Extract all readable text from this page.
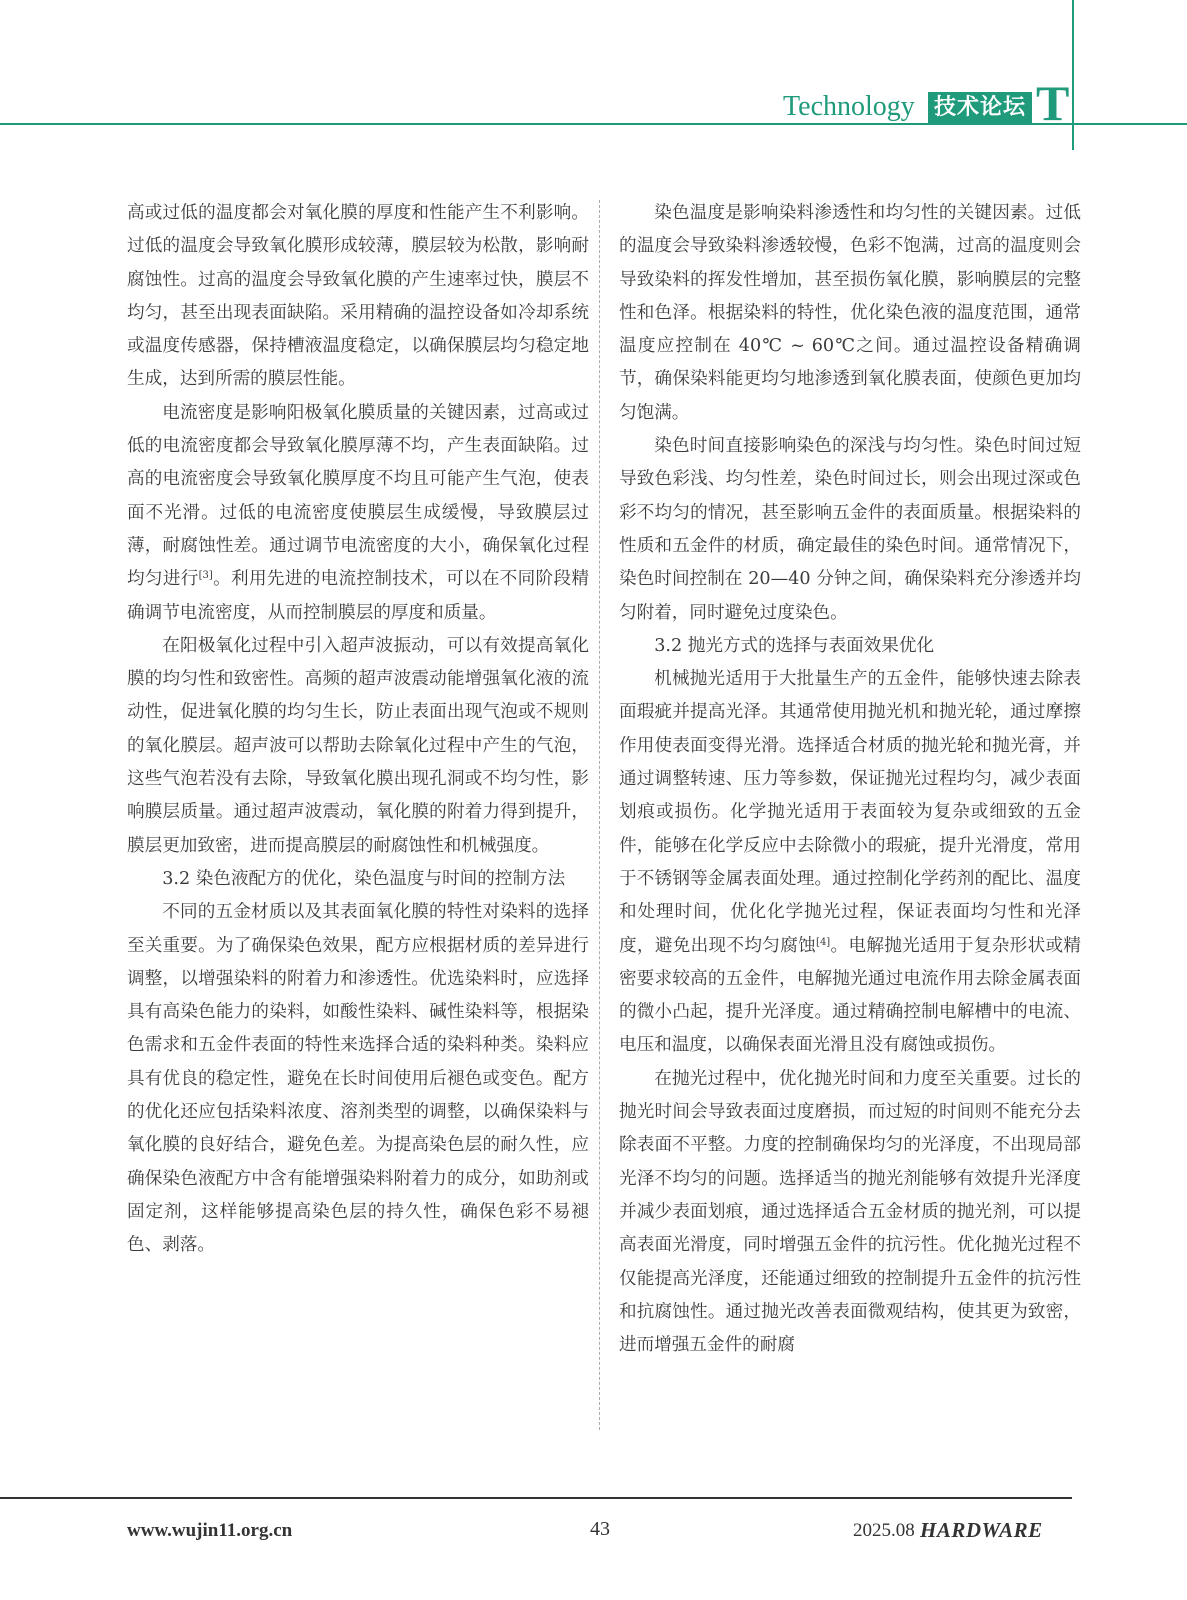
Technology 技术论坛 T

高或过低的温度都会对氧化膜的厚度和性能产生不利影响。过低的温度会导致氧化膜形成较薄，膜层较为松散，影响耐腐蚀性。过高的温度会导致氧化膜的产生速率过快，膜层不均匀，甚至出现表面缺陷。采用精确的温控设备如冷却系统或温度传感器，保持槽液温度稳定，以确保膜层均匀稳定地生成，达到所需的膜层性能。

电流密度是影响阳极氧化膜质量的关键因素，过高或过低的电流密度都会导致氧化膜厚薄不均，产生表面缺陷。过高的电流密度会导致氧化膜厚度不均且可能产生气泡，使表面不光滑。过低的电流密度使膜层生成缓慢，导致膜层过薄，耐腐蚀性差。通过调节电流密度的大小，确保氧化过程均匀进行[3]。利用先进的电流控制技术，可以在不同阶段精确调节电流密度，从而控制膜层的厚度和质量。

在阳极氧化过程中引入超声波振动，可以有效提高氧化膜的均匀性和致密性。高频的超声波震动能增强氧化液的流动性，促进氧化膜的均匀生长，防止表面出现气泡或不规则的氧化膜层。超声波可以帮助去除氧化过程中产生的气泡，这些气泡若没有去除，导致氧化膜出现孔洞或不均匀性，影响膜层质量。通过超声波震动，氧化膜的附着力得到提升，膜层更加致密，进而提高膜层的耐腐蚀性和机械强度。

3.2 染色液配方的优化，染色温度与时间的控制方法

不同的五金材质以及其表面氧化膜的特性对染料的选择至关重要。为了确保染色效果，配方应根据材质的差异进行调整，以增强染料的附着力和渗透性。优选染料时，应选择具有高染色能力的染料，如酸性染料、碱性染料等，根据染色需求和五金件表面的特性来选择合适的染料种类。染料应具有优良的稳定性，避免在长时间使用后褪色或变色。配方的优化还应包括染料浓度、溶剂类型的调整，以确保染料与氧化膜的良好结合，避免色差。为提高染色层的耐久性，应确保染色液配方中含有能增强染料附着力的成分，如助剂或固定剂，这样能够提高染色层的持久性，确保色彩不易褪色、剥落。

染色温度是影响染料渗透性和均匀性的关键因素。过低的温度会导致染料渗透较慢，色彩不饱满，过高的温度则会导致染料的挥发性增加，甚至损伤氧化膜，影响膜层的完整性和色泽。根据染料的特性，优化染色液的温度范围，通常温度应控制在 40℃ ~ 60℃之间。通过温控设备精确调节，确保染料能更均匀地渗透到氧化膜表面，使颜色更加均匀饱满。

染色时间直接影响染色的深浅与均匀性。染色时间过短导致色彩浅、均匀性差，染色时间过长，则会出现过深或色彩不均匀的情况，甚至影响五金件的表面质量。根据染料的性质和五金件的材质，确定最佳的染色时间。通常情况下，染色时间控制在 20—40 分钟之间，确保染料充分渗透并均匀附着，同时避免过度染色。

3.2 抛光方式的选择与表面效果优化

机械抛光适用于大批量生产的五金件，能够快速去除表面瑕疵并提高光泽。其通常使用抛光机和抛光轮，通过摩擦作用使表面变得光滑。选择适合材质的抛光轮和抛光膏，并通过调整转速、压力等参数，保证抛光过程均匀，减少表面划痕或损伤。化学抛光适用于表面较为复杂或细致的五金件，能够在化学反应中去除微小的瑕疵，提升光滑度，常用于不锈钢等金属表面处理。通过控制化学药剂的配比、温度和处理时间，优化化学抛光过程，保证表面均匀性和光泽度，避免出现不均匀腐蚀[4]。电解抛光适用于复杂形状或精密要求较高的五金件，电解抛光通过电流作用去除金属表面的微小凸起，提升光泽度。通过精确控制电解槽中的电流、电压和温度，以确保表面光滑且没有腐蚀或损伤。

在抛光过程中，优化抛光时间和力度至关重要。过长的抛光时间会导致表面过度磨损，而过短的时间则不能充分去除表面不平整。力度的控制确保均匀的光泽度，不出现局部光泽不均匀的问题。选择适当的抛光剂能够有效提升光泽度并减少表面划痕，通过选择适合五金材质的抛光剂，可以提高表面光滑度，同时增强五金件的抗污性。优化抛光过程不仅能提高光泽度，还能通过细致的控制提升五金件的抗污性和抗腐蚀性。通过抛光改善表面微观结构，使其更为致密，进而增强五金件的耐腐

www.wujin11.org.cn	43	2025.08 HARDWARE
